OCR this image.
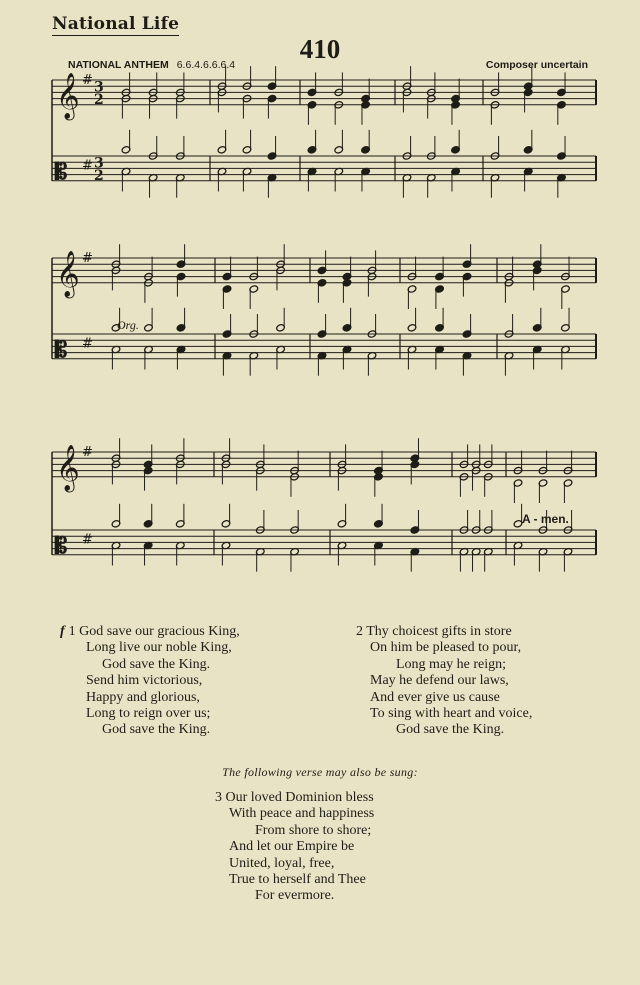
National Life
410
NATIONAL ANTHEM 6.6.4.6.6.6.4	Composer uncertain
𝄞
𝄡
#
#
3
2
3
2
𝄞
𝄡
#
#
𝄞
𝄡
#
#
Org.
A - men.
f 1 God save our gracious King,
Long live our noble King,
God save the King.
Send him victorious,
Happy and glorious,
Long to reign over us;
God save the King.
2 Thy choicest gifts in store
On him be pleased to pour,
Long may he reign;
May he defend our laws,
And ever give us cause
To sing with heart and voice,
God save the King.
The following verse may also be sung:
3 Our loved Dominion bless
With peace and happiness
From shore to shore;
And let our Empire be
United, loyal, free,
True to herself and Thee
For evermore.
